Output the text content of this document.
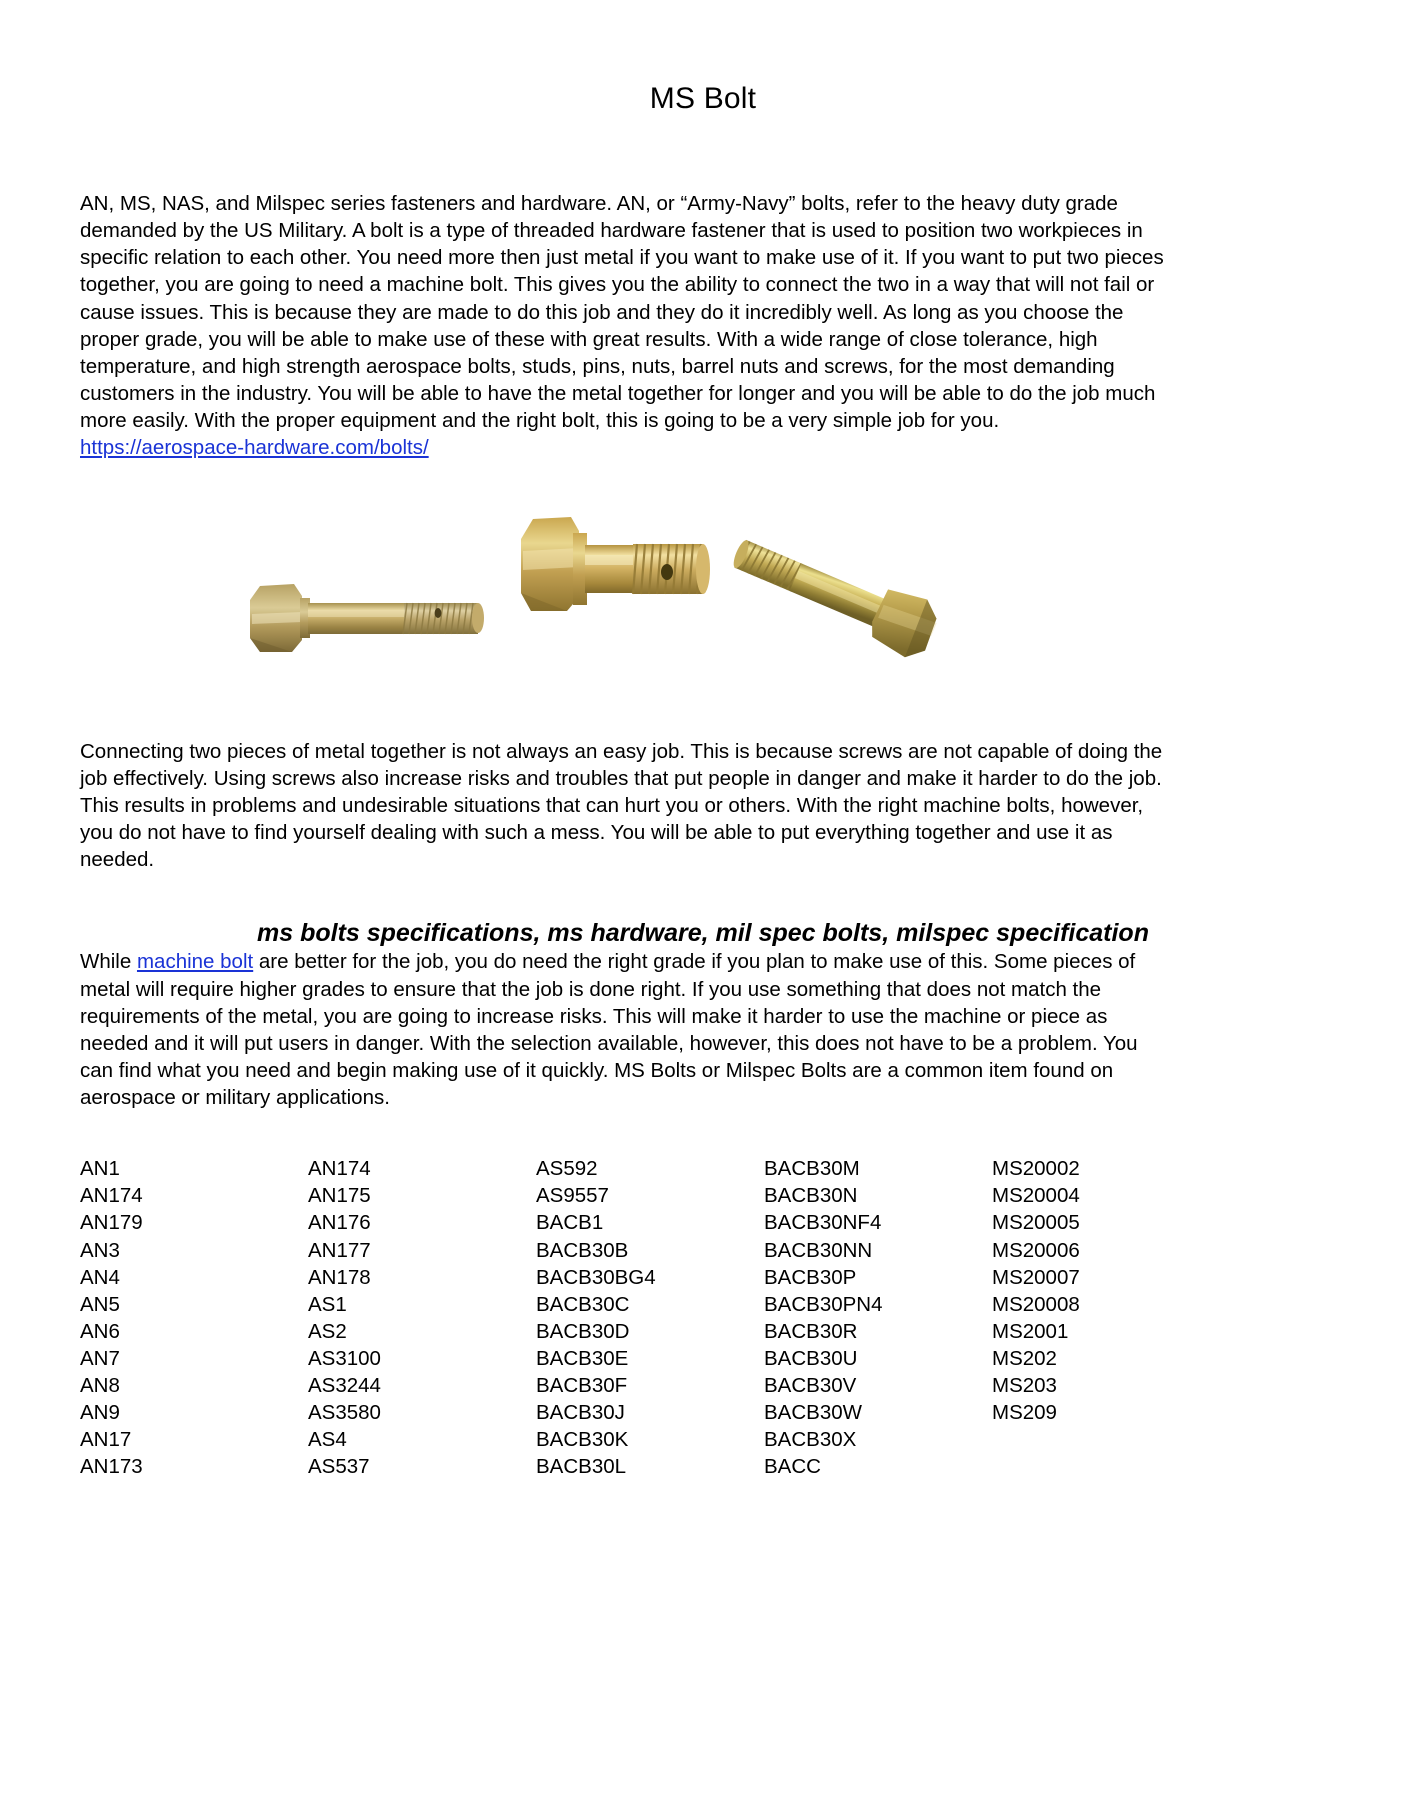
MS Bolt

AN, MS, NAS, and Milspec series fasteners and hardware. AN, or “Army-Navy” bolts, refer to the heavy duty grade demanded by the US Military. A bolt is a type of threaded hardware fastener that is used to position two workpieces in specific relation to each other. You need more then just metal if you want to make use of it. If you want to put two pieces together, you are going to need a machine bolt. This gives you the ability to connect the two in a way that will not fail or cause issues. This is because they are made to do this job and they do it incredibly well. As long as you choose the proper grade, you will be able to make use of these with great results. With a wide range of close tolerance, high temperature, and high strength aerospace bolts, studs, pins, nuts, barrel nuts and screws, for the most demanding customers in the industry. You will be able to have the metal together for longer and you will be able to do the job much more easily. With the proper equipment and the right bolt, this is going to be a very simple job for you.

https://aerospace-hardware.com/bolts/

Connecting two pieces of metal together is not always an easy job. This is because screws are not capable of doing the job effectively. Using screws also increase risks and troubles that put people in danger and make it harder to do the job. This results in problems and undesirable situations that can hurt you or others. With the right machine bolts, however, you do not have to find yourself dealing with such a mess. You will be able to put everything together and use it as needed.

ms bolts specifications, ms hardware, mil spec bolts, milspec specification

While machine bolt are better for the job, you do need the right grade if you plan to make use of this. Some pieces of metal will require higher grades to ensure that the job is done right. If you use something that does not match the requirements of the metal, you are going to increase risks. This will make it harder to use the machine or piece as needed and it will put users in danger. With the selection available, however, this does not have to be a problem. You can find what you need and begin making use of it quickly. MS Bolts or Milspec Bolts are a common item found on aerospace or military applications.

AN1
AN174
AN179
AN3
AN4
AN5
AN6
AN7
AN8
AN9
AN17
AN173
AN174
AN175
AN176
AN177
AN178
AS1
AS2
AS3100
AS3244
AS3580
AS4
AS537
AS592
AS9557
BACB1
BACB30B
BACB30BG4
BACB30C
BACB30D
BACB30E
BACB30F
BACB30J
BACB30K
BACB30L
BACB30M
BACB30N
BACB30NF4
BACB30NN
BACB30P
BACB30PN4
BACB30R
BACB30U
BACB30V
BACB30W
BACB30X
BACC
MS20002
MS20004
MS20005
MS20006
MS20007
MS20008
MS2001
MS202
MS203
MS209
